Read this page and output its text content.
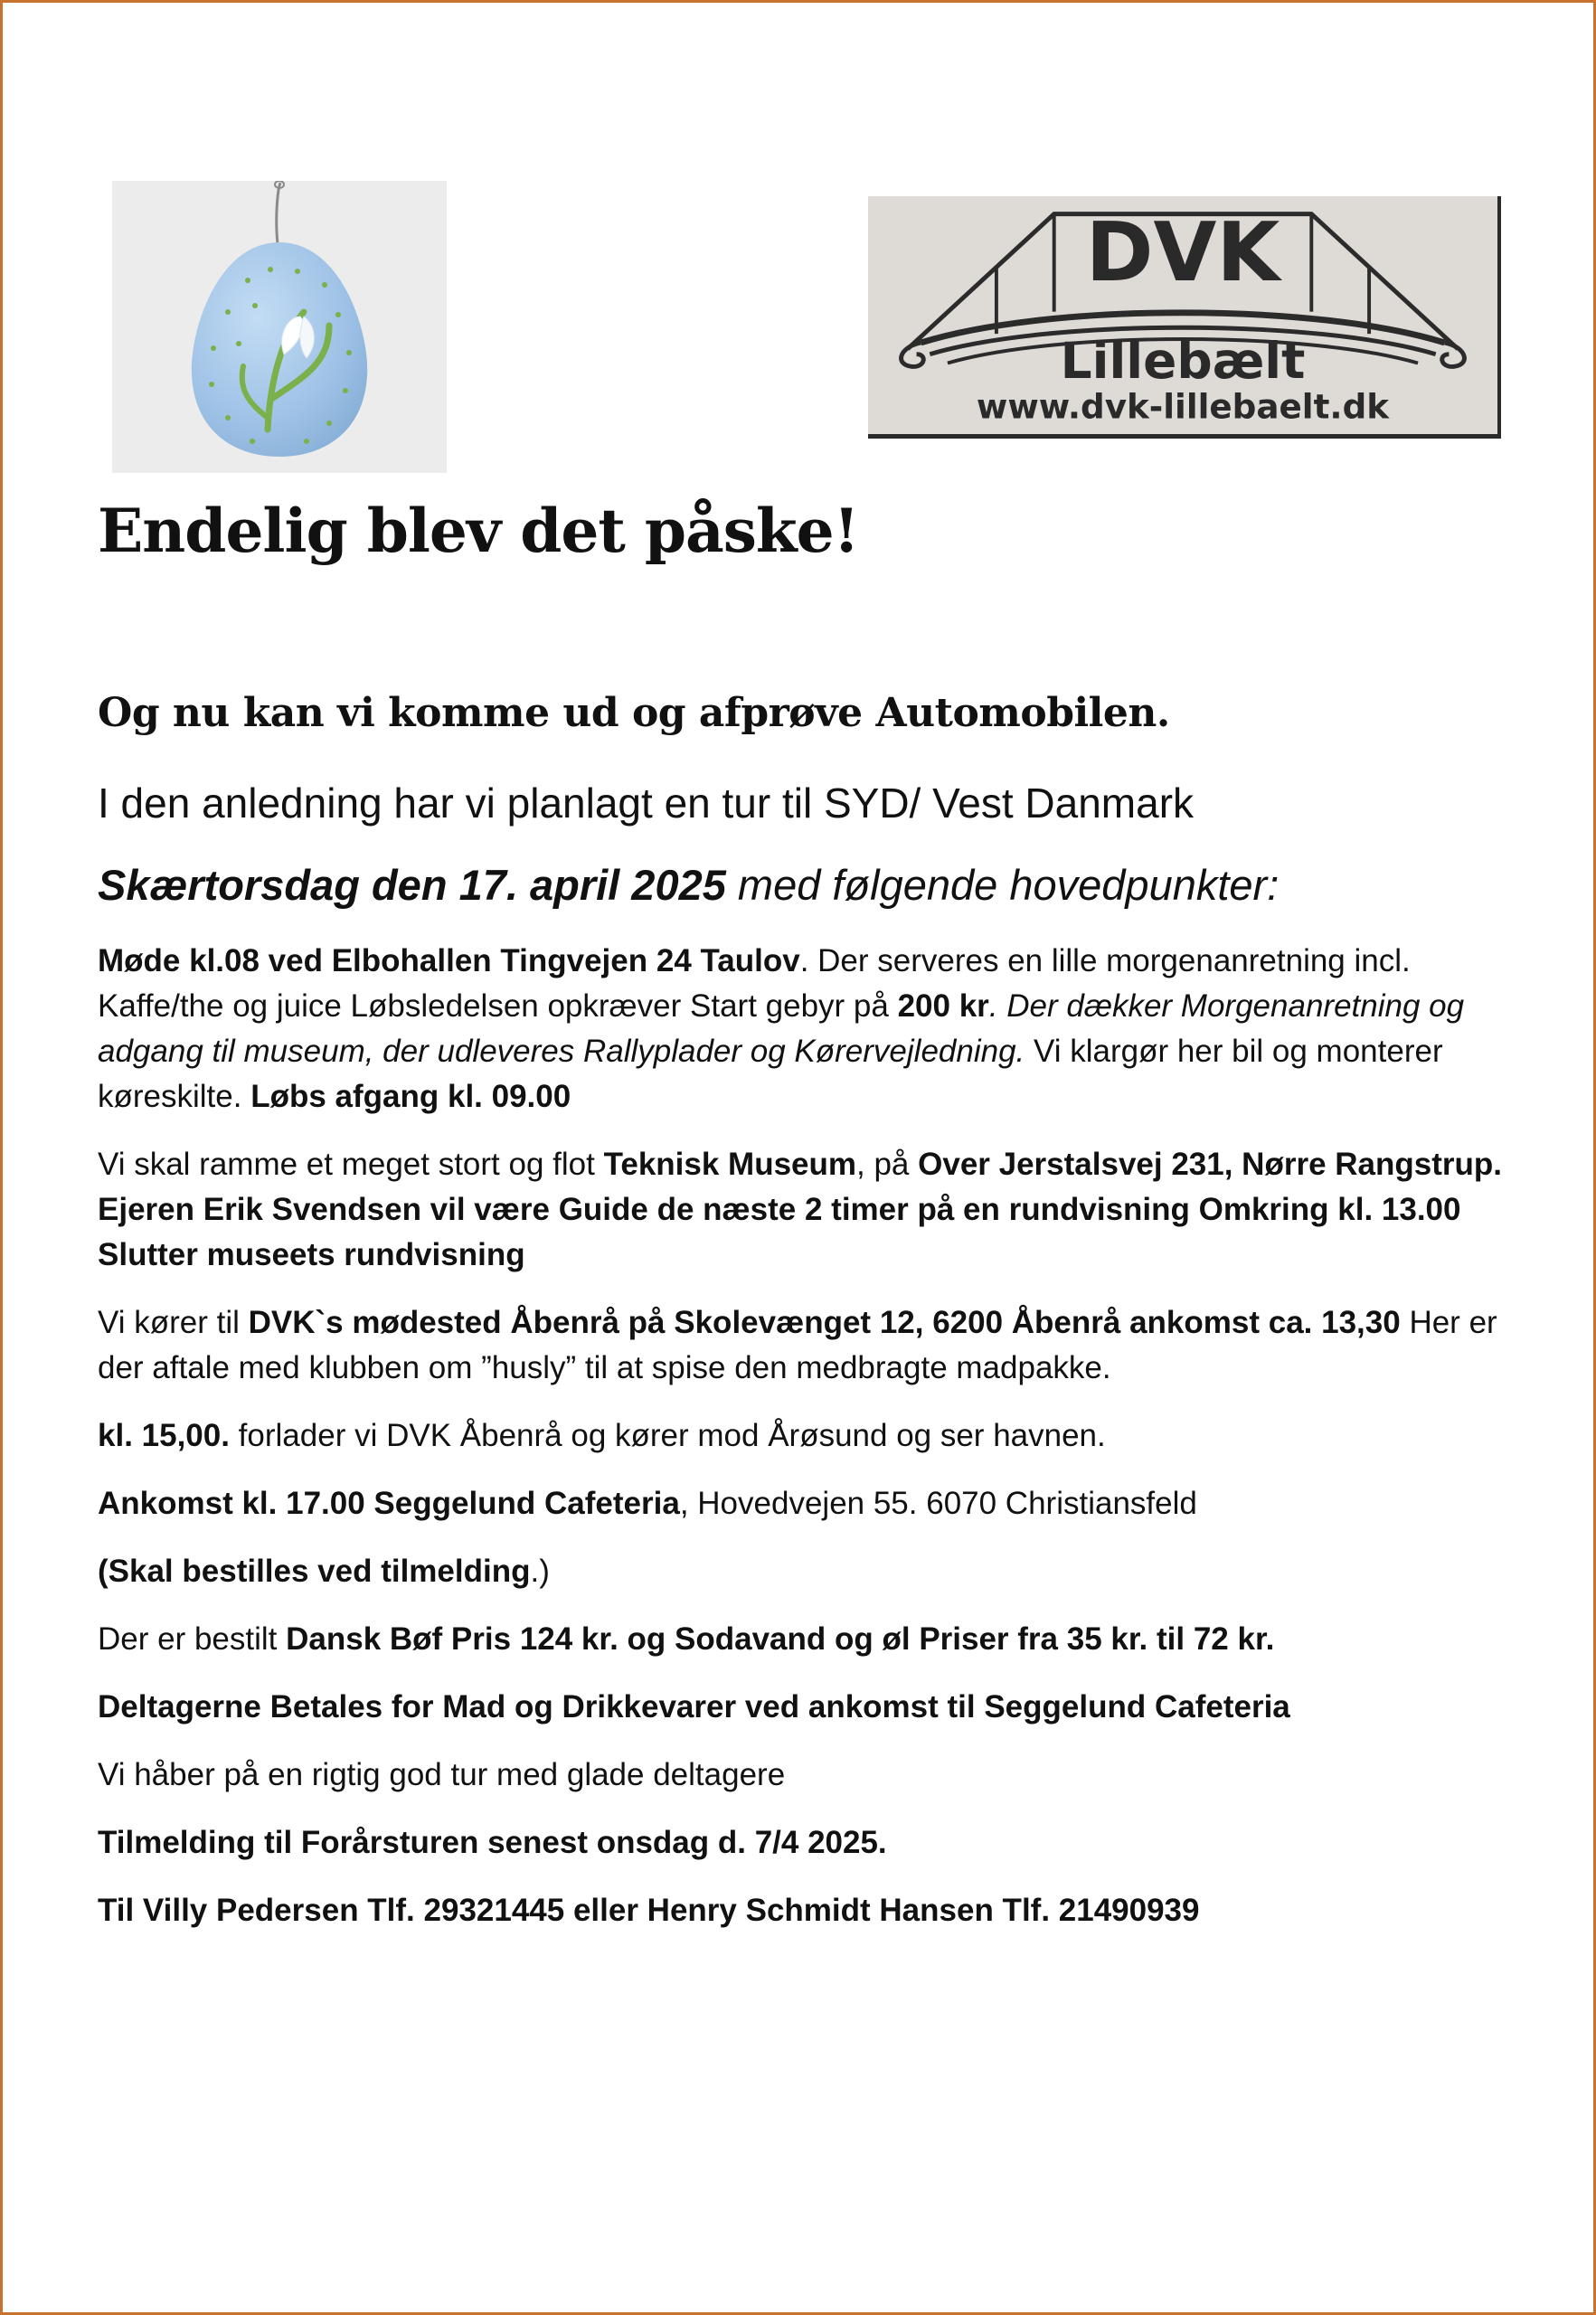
DVK
Lillebælt
www.dvk-lillebaelt.dk
Endelig blev det påske!
Og nu kan vi komme ud og afprøve Automobilen.

I den anledning har vi planlagt en tur til SYD/ Vest Danmark

Skærtorsdag den 17. april 2025 med følgende hovedpunkter:

Møde kl.08 ved Elbohallen Tingvejen 24 Taulov. Der serveres en lille morgenanretning incl. Kaffe/the og juice Løbsledelsen opkræver Start gebyr på 200 kr. Der dækker Morgenanretning og adgang til museum, der udleveres Rallyplader og Kørervejledning. Vi klargør her bil og monterer køreskilte. Løbs afgang kl. 09.00

Vi skal ramme et meget stort og flot Teknisk Museum, på Over Jerstalsvej 231, Nørre Rangstrup. Ejeren Erik Svendsen vil være Guide de næste 2 timer på en rundvisning Omkring kl. 13.00 Slutter museets rundvisning

Vi kører til DVK`s mødested Åbenrå på Skolevænget 12, 6200 Åbenrå ankomst ca. 13,30 Her er der aftale med klubben om ”husly” til at spise den medbragte madpakke.

kl. 15,00. forlader vi DVK Åbenrå og kører mod Årøsund og ser havnen.

Ankomst kl. 17.00 Seggelund Cafeteria, Hovedvejen 55. 6070 Christiansfeld

(Skal bestilles ved tilmelding.)

Der er bestilt Dansk Bøf Pris 124 kr. og Sodavand og øl Priser fra 35 kr. til 72 kr.

Deltagerne Betales for Mad og Drikkevarer ved ankomst til Seggelund Cafeteria

Vi håber på en rigtig god tur med glade deltagere

Tilmelding til Forårsturen senest onsdag d. 7/4 2025.

Til Villy Pedersen Tlf. 29321445 eller Henry Schmidt Hansen Tlf. 21490939
